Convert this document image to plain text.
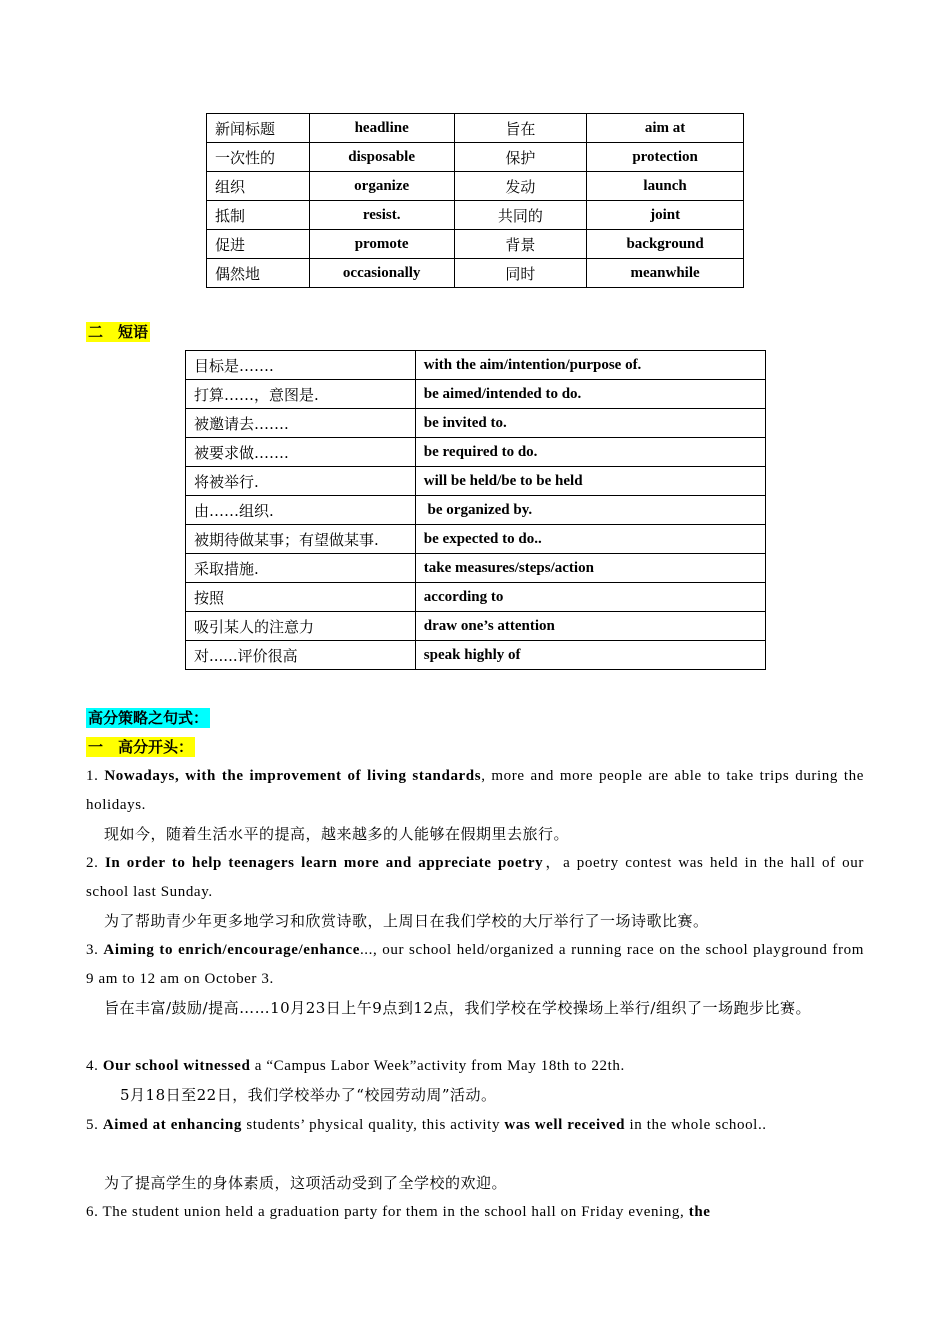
新闻标题	headline	旨在	aim at
一次性的	disposable	保护	protection
组织	organize	发动	launch
抵制	resist.	共同的	joint
促进	promote	背景	background
偶然地	occasionally	同时	meanwhile
二　短语
目标是…….	with the aim/intention/purpose of.
打算……，意图是.	be aimed/intended to do.
被邀请去…….	be invited to.
被要求做…….	be required to do.
将被举行.	will be held/be to be held
由……组织.	be organized by.
被期待做某事；有望做某事.	be expected to do..
采取措施.	take measures/steps/action
按照	according to
吸引某人的注意力	draw one’s attention
对......评价很高	speak highly of
高分策略之句式：
一　高分开头：
1. Nowadays, with the improvement of living standards, more and more people are able to take trips during the holidays.
现如今，随着生活水平的提高，越来越多的人能够在假期里去旅行。
2. In order to help teenagers learn more and appreciate poetry，a poetry contest was held in the hall of our school last Sunday.
为了帮助青少年更多地学习和欣赏诗歌，上周日在我们学校的大厅举行了一场诗歌比赛。
3. Aiming to enrich/encourage/enhance..., our school held/organized a running race on the school playground from 9 am to 12 am on October 3.
旨在丰富/鼓励/提高……10月23日上午9点到12点，我们学校在学校操场上举行/组织了一场跑步比赛。
4. Our school witnessed a “Campus Labor Week”activity from May 18th to 22th.
5月18日至22日，我们学校举办了“校园劳动周”活动。
5. Aimed at enhancing students’ physical quality, this activity was well received in the whole school..
为了提高学生的身体素质，这项活动受到了全学校的欢迎。
6. The student union held a graduation party for them in the school hall on Friday evening, the
